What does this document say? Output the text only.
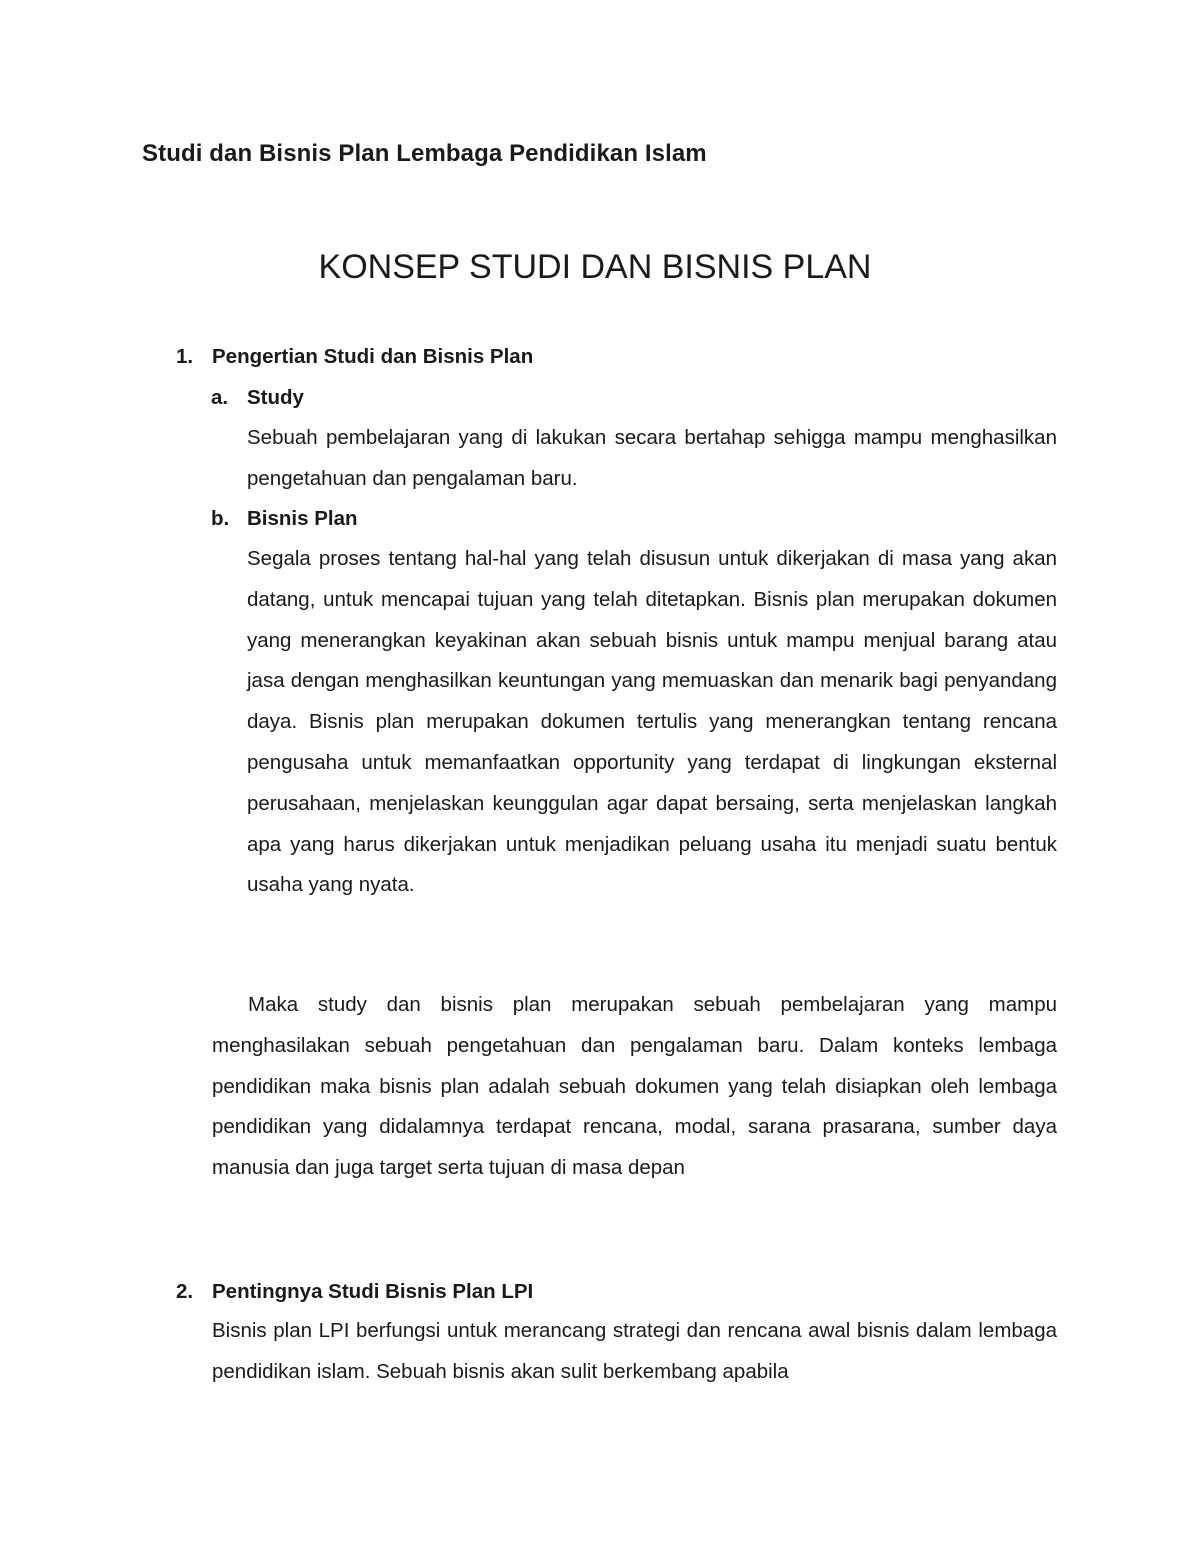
Studi dan Bisnis Plan Lembaga Pendidikan Islam
KONSEP STUDI DAN BISNIS PLAN
1. Pengertian Studi dan Bisnis Plan
a. Study
Sebuah pembelajaran yang di lakukan secara bertahap sehigga mampu menghasilkan pengetahuan dan pengalaman baru.
b. Bisnis Plan
Segala proses tentang hal-hal yang telah disusun untuk dikerjakan di masa yang akan datang, untuk mencapai tujuan yang telah ditetapkan. Bisnis plan merupakan dokumen yang menerangkan keyakinan akan sebuah bisnis untuk mampu menjual barang atau jasa dengan menghasilkan keuntungan yang memuaskan dan menarik bagi penyandang daya. Bisnis plan merupakan dokumen tertulis yang menerangkan tentang rencana pengusaha untuk memanfaatkan opportunity yang terdapat di lingkungan eksternal perusahaan, menjelaskan keunggulan agar dapat bersaing, serta menjelaskan langkah apa yang harus dikerjakan untuk menjadikan peluang usaha itu menjadi suatu bentuk usaha yang nyata.
Maka study dan bisnis plan merupakan sebuah pembelajaran yang mampu menghasilakan sebuah pengetahuan dan pengalaman baru. Dalam konteks lembaga pendidikan maka bisnis plan adalah sebuah dokumen yang telah disiapkan oleh lembaga pendidikan yang didalamnya terdapat rencana, modal, sarana prasarana, sumber daya manusia dan juga target serta tujuan di masa depan
2. Pentingnya Studi Bisnis Plan LPI
Bisnis plan LPI berfungsi untuk merancang strategi dan rencana awal bisnis dalam lembaga pendidikan islam. Sebuah bisnis akan sulit berkembang apabila
